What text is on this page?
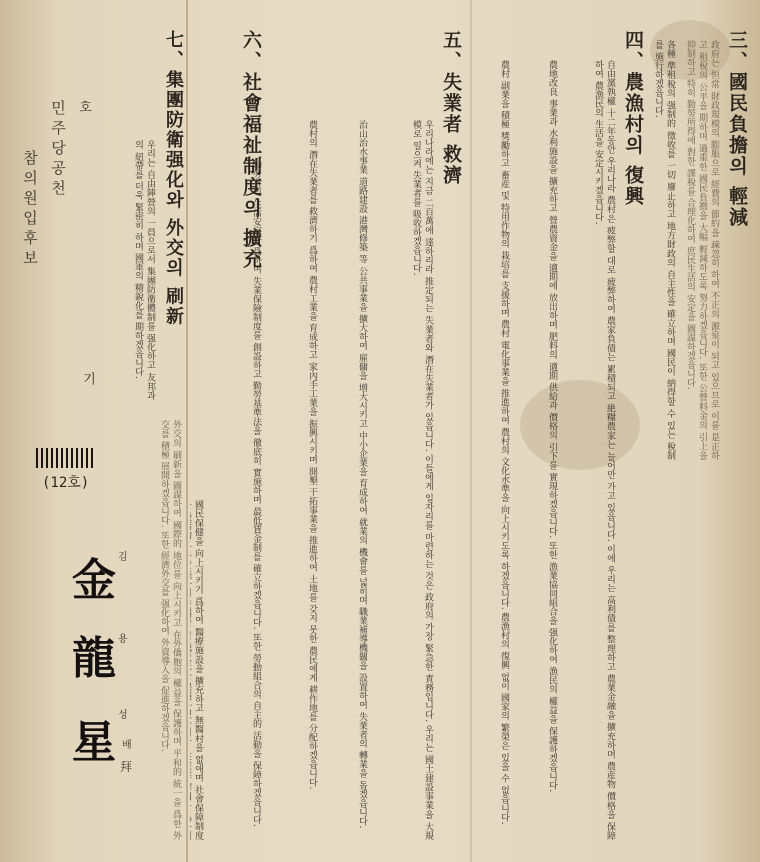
민주당공천 호
참의원입후보
기
(12호)
金 김
龍 용
星
성
배
拜
三、國民負擔의 輕減
四、農漁村의 復興
五、失業者 救濟
六、社會福祉制度의 擴充
七、集團防衛强化와 外交의 刷新	政府는 恒常 財政規模의 膨脹으로 經費의 節約을 疎忽히 하여 不正의 源泉이 되고 있으므로 이를 是正하고 租稅의 公平을 期하며 過重한 國民負擔을 大幅 輕減하도록 努力하겠읍니다. 또한 公營料金의 引上을 抑制하고 特히 勤勞所得에 對한 課稅를 合理化하여 庶民生活의 安定을 圖謀하겠읍니다.
各種 準租稅의 强制的 徵收를 一切 廢止하고 地方財政의 自主性을 確立하며 國民이 納得할 수 있는 稅制를 施行하겠읍니다.
自由黨執權 十二年동안 우리나라 農村은 疲弊할 대로 疲弊하여 農家負債는 累積되고 絶糧農家는 늘어만 가고 있읍니다. 이에 우리는 高利債를 整理하고 農業金融을 擴充하며 農産物 價格을 保障하여 農漁民의 生活을 安定시키겠읍니다.
農地改良 事業과 水利施設을 擴充하고 營農資金을 適期에 放出하며 肥料의 適期 供給과 價格의 引下를 實現하겠읍니다. 또한 漁業協同組合을 强化하여 漁民의 權益을 保護하겠읍니다.
農村 副業을 積極 獎勵하고 畜産 및 特用作物의 栽培를 支援하며 農村 電化事業을 推進하여 農村의 文化水準을 向上시키도록 하겠읍니다. 農漁村의 復興 없이 國家의 繁榮은 있을 수 없읍니다.
우리나라에는 지금 二百萬에 達하리라 推定되는 失業者와 潛在失業者가 있읍니다. 이들에게 일자리를 마련하는 것은 政府의 가장 緊急한 責務입니다. 우리는 國土建設事業을 大規模로 일으켜 失業者를 吸收하겠읍니다.
治山治水事業 道路建設 港灣修築 等 公共事業을 擴大하여 雇傭을 增大시키고 中小企業을 育成하여 就業의 機會를 넓히며 職業補導機關을 設置하여 失業者의 轉業을 돕겠읍니다.
農村의 潛在失業者를 救濟하기 爲하여 農村工業을 育成하고 家內手工業을 振興시키며 開墾 干拓事業을 推進하여 土地를 갖지 못한 農民에게 耕作地를 分配하겠읍니다.
勤勞者의 生活安定을 爲하여 失業保險制度를 創設하고 勤勞基準法을 徹底히 實施하며 最低賃金制를 確立하겠읍니다. 또한 勞動組合의 自主的 活動을 保障하겠읍니다.
國民保健을 向上시키기 爲하여 醫療施設을 擴充하고 無醫村을 없애며 社會保障制度
우리는 自由陣營의 一員으로서 集團防衛體制를 强化하고 友邦과의 紐帶를 더욱 緊密히 하며 國軍의 精銳化를 期하겠읍니다.
外交의 刷新을 圖謀하여 國際的 地位를 向上시키고 在外僑胞의 權益을 保護하며 平和的 統一을 爲한 外交를 積極 展開하겠읍니다. 또한 經濟外交를 强化하여 外資導入을 促進하겠읍니다.
